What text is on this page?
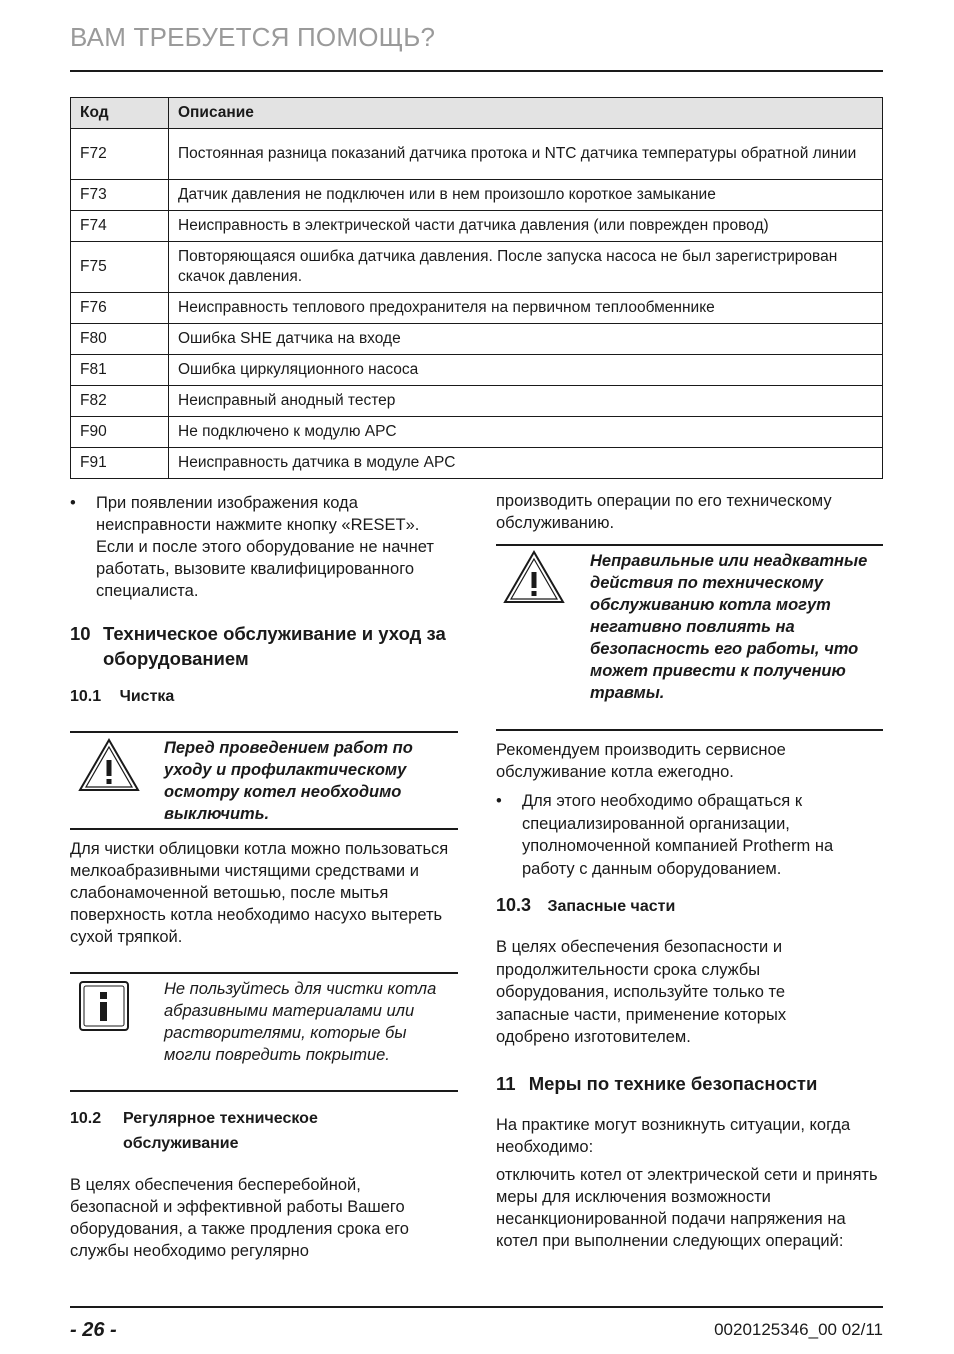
ВАМ ТРЕБУЕТСЯ ПОМОЩЬ?
Код	Описание
F72	Постоянная разница показаний датчика протока и NTC датчика температуры обратной линии
F73	Датчик давления не подключен или в нем произошло короткое замыкание
F74	Неисправность в электрической части датчика давления (или поврежден провод)
F75	Повторяющаяся ошибка датчика давления. После запуска насоса не был зарегистрирован скачок давления.
F76	Неисправность теплового предохранителя на первичном теплообменнике
F80	Ошибка SHE датчика на входе
F81	Ошибка циркуляционного насоса
F82	Неисправный анодный тестер
F90	Не подключено к модулю APC
F91	Неисправность датчика в модуле APC
• При появлении изображения кода неисправности нажмите кнопку «RESET». Если и после этого оборудование не начнет работать, вызовите квалифицированного специалиста.
10 Техническое обслуживание и уход за оборудованием
10.1 Чистка
Перед проведением работ по уходу и профилактическому осмотру котел необходимо выключить.
Для чистки облицовки котла можно пользоваться мелкоабразивными чистящими средствами и слабонамоченной ветошью, после мытья поверхность котла необходимо насухо вытереть сухой тряпкой.
Не пользуйтесь для чистки котла абразивными материалами или растворителями, которые бы могли повредить покрытие.
10.2 Регулярное техническое обслуживание
В целях обеспечения бесперебойной, безопасной и эффективной работы Вашего оборудования, а также продления срока его службы необходимо регулярно
производить операции по его техническому обслуживанию.
Неправильные или неадкватные действия по техническому обслуживанию котла могут негативно повлиять на безопасность его работы, что может привести к получению травмы.
Рекомендуем производить сервисное обслуживание котла ежегодно.
• Для этого необходимо обращаться к специализированной организации, уполномоченной компанией Protherm на работу с данным оборудованием.
10.3 Запасные части
В целях обеспечения безопасности и продолжительности срока службы оборудования, используйте только те запасные части, применение которых одобрено изготовителем.
11 Меры по технике безопасности
На практике могут возникнуть ситуации, когда необходимо:
отключить котел от электрической сети и принять меры для исключения возможности несанкционированной подачи напряжения на котел при выполнении следующих операций:
- 26 -	0020125346_00 02/11
